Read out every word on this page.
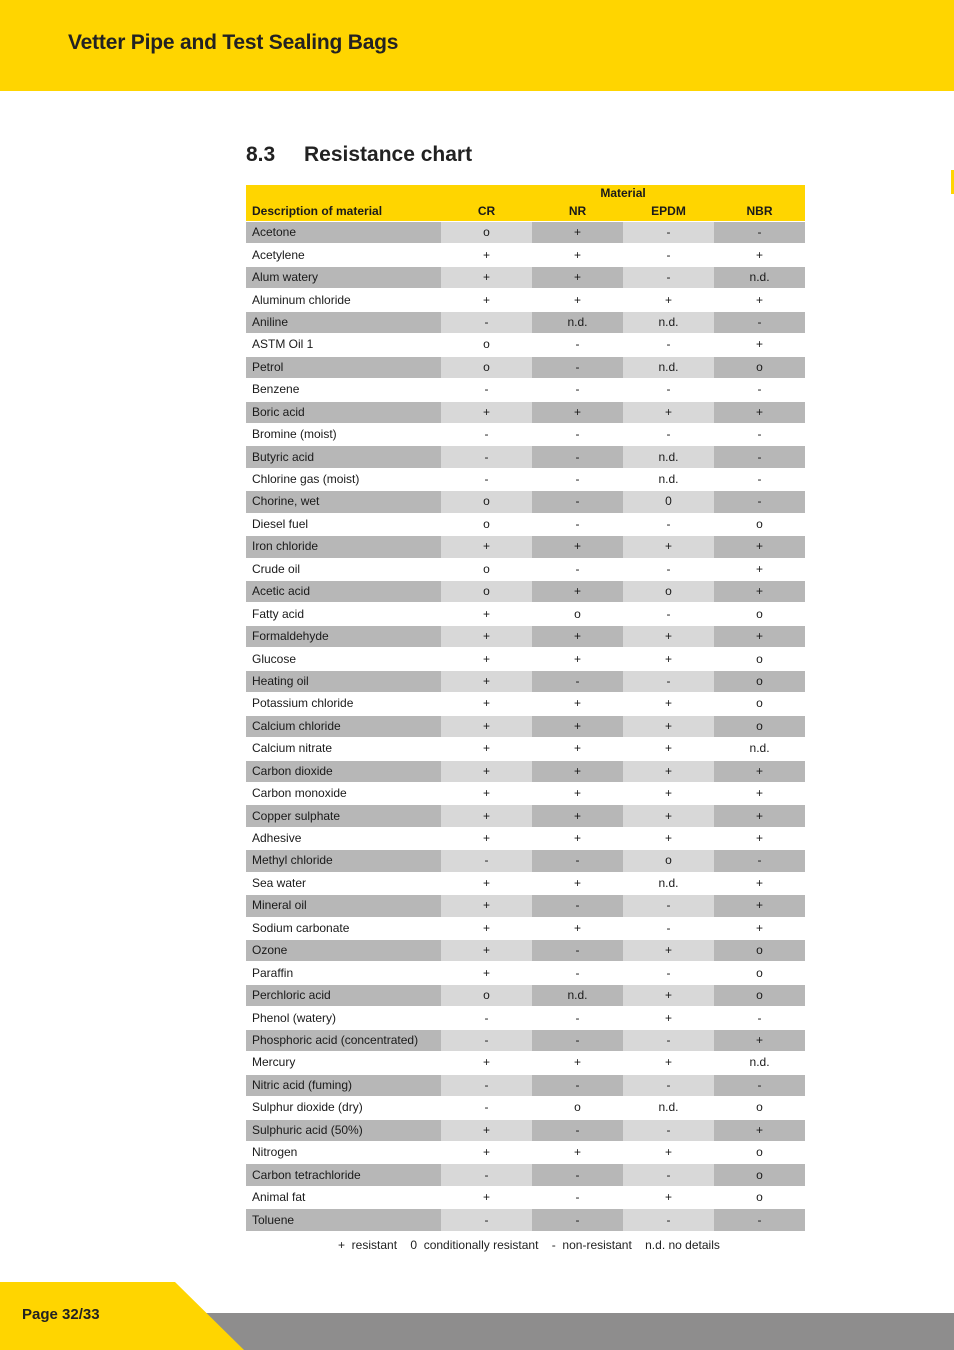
Vetter Pipe and Test Sealing Bags
8.3 Resistance chart
	Material			
Description of material	CR	NR	EPDM	NBR
Acetone	o	+	-	-
Acetylene	+	+	-	+
Alum watery	+	+	-	n.d.
Aluminum chloride	+	+	+	+
Aniline	-	n.d.	n.d.	-
ASTM Oil 1	o	-	-	+
Petrol	o	-	n.d.	o
Benzene	-	-	-	-
Boric acid	+	+	+	+
Bromine (moist)	-	-	-	-
Butyric acid	-	-	n.d.	-
Chlorine gas (moist)	-	-	n.d.	-
Chorine, wet	o	-	0	-
Diesel fuel	o	-	-	o
Iron chloride	+	+	+	+
Crude oil	o	-	-	+
Acetic acid	o	+	o	+
Fatty acid	+	o	-	o
Formaldehyde	+	+	+	+
Glucose	+	+	+	o
Heating oil	+	-	-	o
Potassium chloride	+	+	+	o
Calcium chloride	+	+	+	o
Calcium nitrate	+	+	+	n.d.
Carbon dioxide	+	+	+	+
Carbon monoxide	+	+	+	+
Copper sulphate	+	+	+	+
Adhesive	+	+	+	+
Methyl chloride	-	-	o	-
Sea water	+	+	n.d.	+
Mineral oil	+	-	-	+
Sodium carbonate	+	+	-	+
Ozone	+	-	+	o
Paraffin	+	-	-	o
Perchloric acid	o	n.d.	+	o
Phenol (watery)	-	-	+	-
Phosphoric acid (concentrated)	-	-	-	+
Mercury	+	+	+	n.d.
Nitric acid (fuming)	-	-	-	-
Sulphur dioxide (dry)	-	o	n.d.	o
Sulphuric acid (50%)	+	-	-	+
Nitrogen	+	+	+	o
Carbon tetrachloride	-	-	-	o
Animal fat	+	-	+	o
Toluene	-	-	-	-
+  resistant    0  conditionally resistant    -  non-resistant    n.d. no details
Page 32/33
